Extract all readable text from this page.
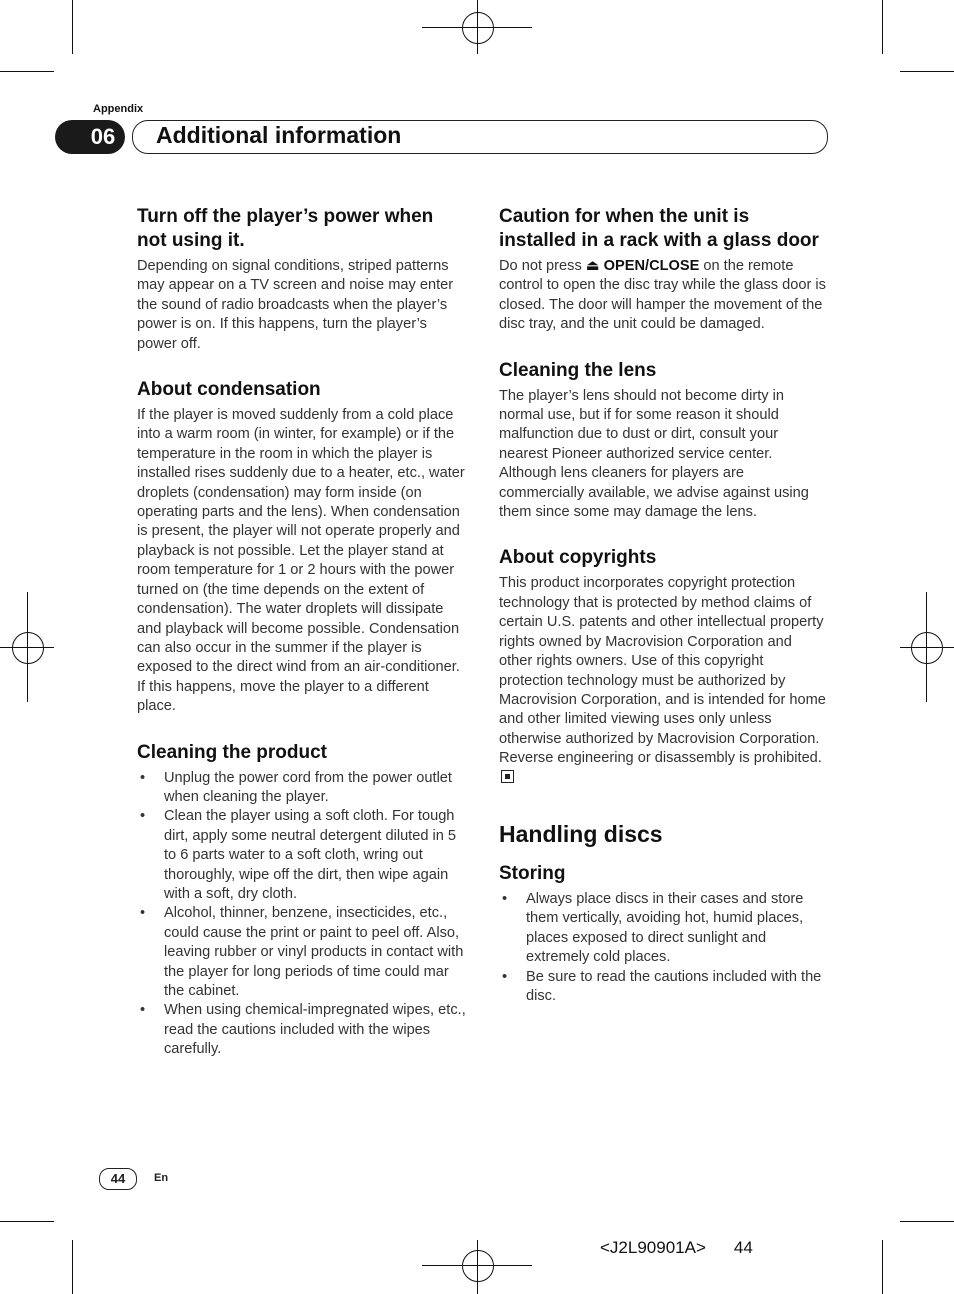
Appendix
06	Additional information
Turn off the player’s power when not using it.

Depending on signal conditions, striped patterns may appear on a TV screen and noise may enter the sound of radio broadcasts when the player’s power is on. If this happens, turn the player’s power off.

About condensation

If the player is moved suddenly from a cold place into a warm room (in winter, for example) or if the temperature in the room in which the player is installed rises suddenly due to a heater, etc., water droplets (condensation) may form inside (on operating parts and the lens). When condensation is present, the player will not operate properly and playback is not possible. Let the player stand at room temperature for 1 or 2 hours with the power turned on (the time depends on the extent of condensation). The water droplets will dissipate and playback will become possible. Condensation can also occur in the summer if the player is exposed to the direct wind from an air-conditioner. If this happens, move the player to a different place.

Cleaning the product
• Unplug the power cord from the power outlet when cleaning the player.
• Clean the player using a soft cloth. For tough dirt, apply some neutral detergent diluted in 5 to 6 parts water to a soft cloth, wring out thoroughly, wipe off the dirt, then wipe again with a soft, dry cloth.
• Alcohol, thinner, benzene, insecticides, etc., could cause the print or paint to peel off. Also, leaving rubber or vinyl products in contact with the player for long periods of time could mar the cabinet.
• When using chemical-impregnated wipes, etc., read the cautions included with the wipes carefully.
Caution for when the unit is installed in a rack with a glass door

Do not press ⏏ OPEN/CLOSE on the remote control to open the disc tray while the glass door is closed. The door will hamper the movement of the disc tray, and the unit could be damaged.

Cleaning the lens

The player’s lens should not become dirty in normal use, but if for some reason it should malfunction due to dust or dirt, consult your nearest Pioneer authorized service center. Although lens cleaners for players are commercially available, we advise against using them since some may damage the lens.

About copyrights

This product incorporates copyright protection technology that is protected by method claims of certain U.S. patents and other intellectual property rights owned by Macrovision Corporation and other rights owners. Use of this copyright protection technology must be authorized by Macrovision Corporation, and is intended for home and other limited viewing uses only unless otherwise authorized by Macrovision Corporation. Reverse engineering or disassembly is prohibited.

Handling discs
Storing
• Always place discs in their cases and store them vertically, avoiding hot, humid places, places exposed to direct sunlight and extremely cold places.
• Be sure to read the cautions included with the disc.
44	En
<J2L90901A> 44
